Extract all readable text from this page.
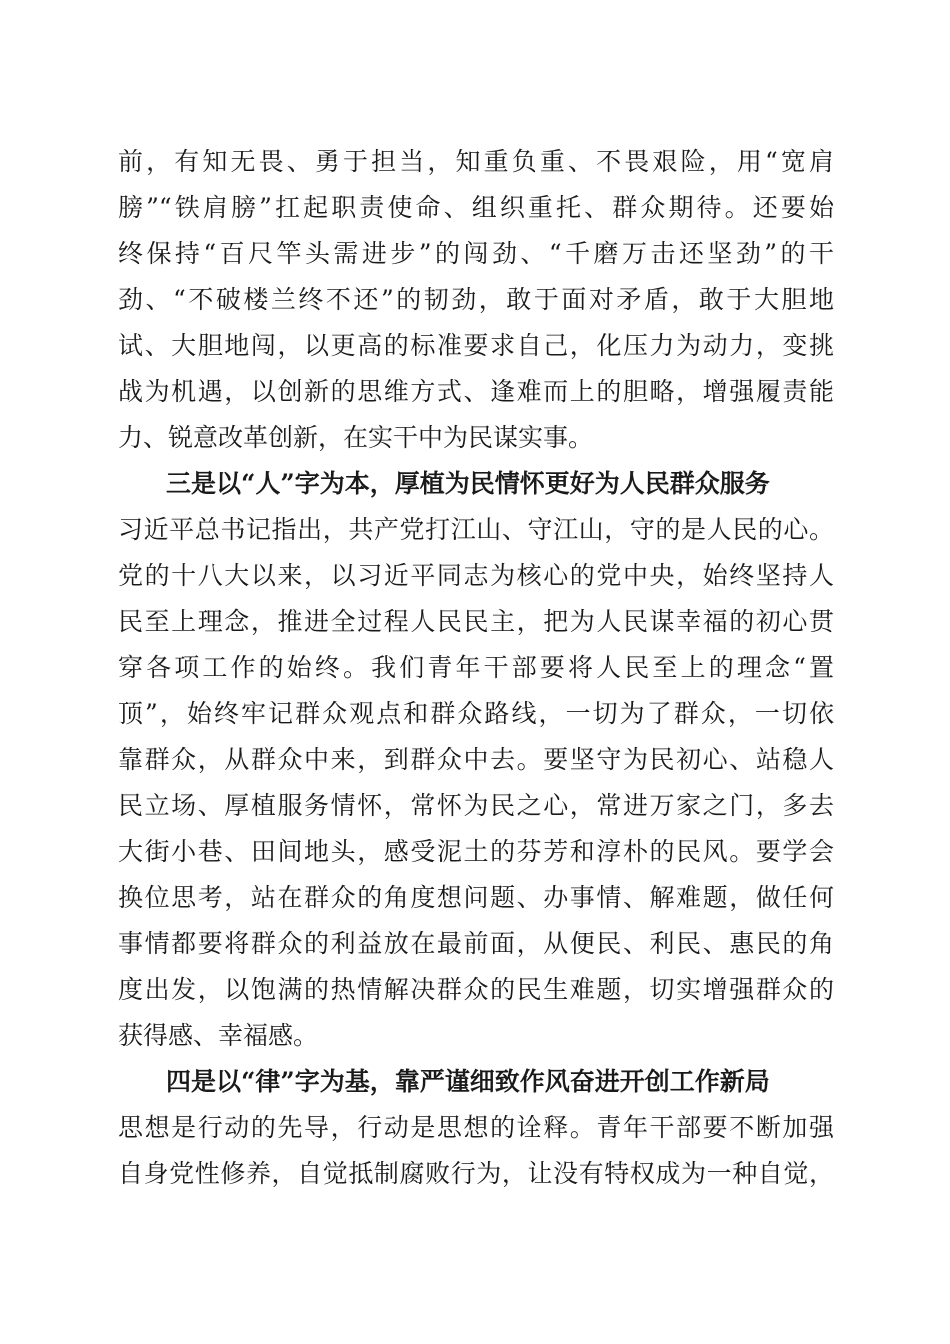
前，有知无畏、勇于担当，知重负重、不畏艰险，用“宽肩
膀”“铁肩膀”扛起职责使命、组织重托、群众期待。还要始
终保持“百尺竿头需进步”的闯劲、“千磨万击还坚劲”的干
劲、“不破楼兰终不还”的韧劲，敢于面对矛盾，敢于大胆地
试、大胆地闯，以更高的标准要求自己，化压力为动力，变挑
战为机遇，以创新的思维方式、逢难而上的胆略，增强履责能
力、锐意改革创新，在实干中为民谋实事。
三是以“人”字为本，厚植为民情怀更好为人民群众服务
习近平总书记指出，共产党打江山、守江山，守的是人民的心。
党的十八大以来，以习近平同志为核心的党中央，始终坚持人
民至上理念，推进全过程人民民主，把为人民谋幸福的初心贯
穿各项工作的始终。我们青年干部要将人民至上的理念“置
顶”，始终牢记群众观点和群众路线，一切为了群众，一切依
靠群众，从群众中来，到群众中去。要坚守为民初心、站稳人
民立场、厚植服务情怀，常怀为民之心，常进万家之门，多去
大街小巷、田间地头，感受泥土的芬芳和淳朴的民风。要学会
换位思考，站在群众的角度想问题、办事情、解难题，做任何
事情都要将群众的利益放在最前面，从便民、利民、惠民的角
度出发，以饱满的热情解决群众的民生难题，切实增强群众的
获得感、幸福感。
四是以“律”字为基，靠严谨细致作风奋进开创工作新局
思想是行动的先导，行动是思想的诠释。青年干部要不断加强
自身党性修养，自觉抵制腐败行为，让没有特权成为一种自觉，
